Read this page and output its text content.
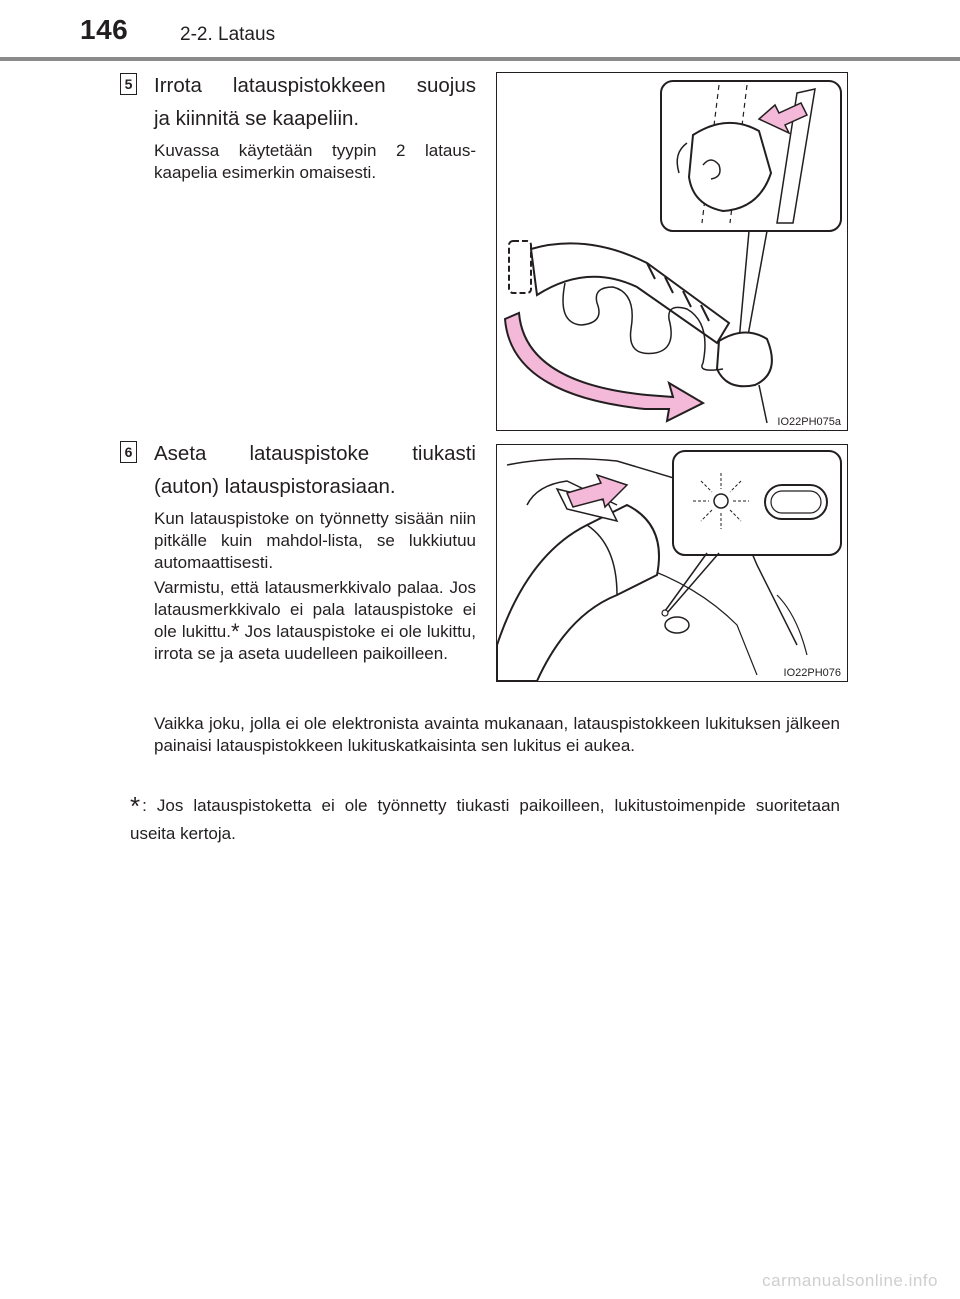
146	2-2. Lataus
5 Irrota latauspistokkeen suojus
ja kiinnitä se kaapeliin.
Kuvassa käytetään tyypin 2 lataus-kaapelia esimerkin omaisesti.
IO22PH075a
6 Aseta latauspistoke tiukasti
(auton) latauspistorasiaan.
Kun latauspistoke on työnnetty sisään niin pitkälle kuin mahdol-lista, se lukkiutuu automaattisesti.
Varmistu, että latausmerkkivalo palaa. Jos latausmerkkivalo ei pala latauspistoke ei ole lukittu.* Jos latauspistoke ei ole lukittu, irrota se ja aseta uudelleen paikoilleen.
IO22PH076
Vaikka joku, jolla ei ole elektronista avainta mukanaan, latauspistokkeen lukituksen jälkeen painaisi latauspistokkeen lukituskatkaisinta sen lukitus ei aukea.
* : Jos latauspistoketta ei ole työnnetty tiukasti paikoilleen, lukitustoimenpide suoritetaan useita kertoja.
carmanualsonline.info
